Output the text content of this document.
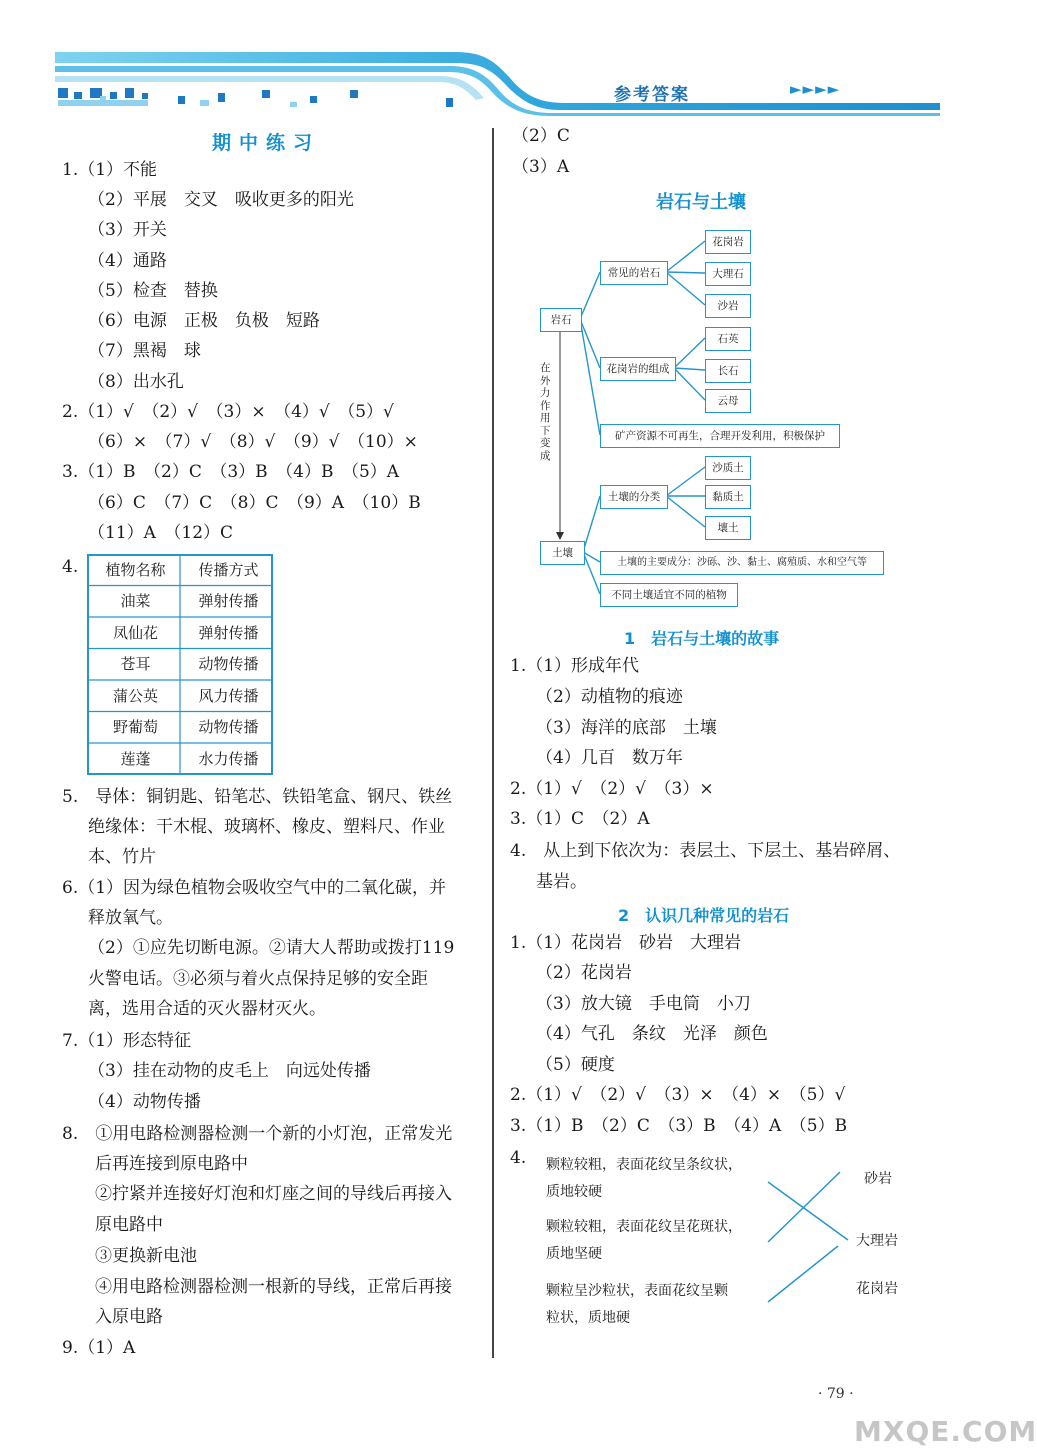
参考答案	►►►►
期中练习
1.（1）不能
（2）平展　交叉　吸收更多的阳光
（3）开关
（4）通路
（5）检查　替换
（6）电源　正极　负极　短路
（7）黑褐　球
（8）出水孔
2.（1）√　（2）√　（3）×　（4）√　（5）√
（6）×　（7）√　（8）√　（9）√　（10）×
3.（1）B　（2）C　（3）B　（4）B　（5）A
（6）C　（7）C　（8）C　（9）A　（10）B
（11）A　（12）C
4.	植物名称	传播方式
油菜	弹射传播
凤仙花	弹射传播
苍耳	动物传播
蒲公英	风力传播
野葡萄	动物传播
莲蓬	水力传播
5.　导体：铜钥匙、铅笔芯、铁铅笔盒、钢尺、铁丝
绝缘体：干木棍、玻璃杯、橡皮、塑料尺、作业
本、竹片
6.（1）因为绿色植物会吸收空气中的二氧化碳，并
释放氧气。
（2）①应先切断电源。②请大人帮助或拨打119
火警电话。③必须与着火点保持足够的安全距
离，选用合适的灭火器材灭火。
7.（1）形态特征
（3）挂在动物的皮毛上　向远处传播
（4）动物传播
8.　①用电路检测器检测一个新的小灯泡，正常发光
后再连接到原电路中
②拧紧并连接好灯泡和灯座之间的导线后再接入
原电路中
③更换新电池
④用电路检测器检测一根新的导线，正常后再接
入原电路
9.（1）A
（2）C
（3）A
岩石与土壤
岩石
常见的岩石
花岗岩
大理石
沙岩
花岗岩的组成
石英
长石
云母
矿产资源不可再生，合理开发利用，积极保护
在外力作用下变成
土壤的分类
沙质土
黏质土
壤土
土壤
土壤的主要成分：沙砾、沙、黏土、腐殖质、水和空气等
不同土壤适宜不同的植物
1　岩石与土壤的故事
1.（1）形成年代
（2）动植物的痕迹
（3）海洋的底部　土壤
（4）几百　数万年
2.（1）√　（2）√　（3）×
3.（1）C　（2）A
4.　从上到下依次为：表层土、下层土、基岩碎屑、
基岩。
2　认识几种常见的岩石
1.（1）花岗岩　砂岩　大理岩
（2）花岗岩
（3）放大镜　手电筒　小刀
（4）气孔　条纹　光泽　颜色
（5）硬度
2.（1）√　（2）√　（3）×　（4）×　（5）√
3.（1）B　（2）C　（3）B　（4）A　（5）B
4. 颗粒较粗，表面花纹呈条纹状，
质地较硬
颗粒较粗，表面花纹呈花斑状，
质地坚硬
颗粒呈沙粒状，表面花纹呈颗
粒状，质地硬
砂岩
大理岩
花岗岩
· 79 ·
MXQE.COM
